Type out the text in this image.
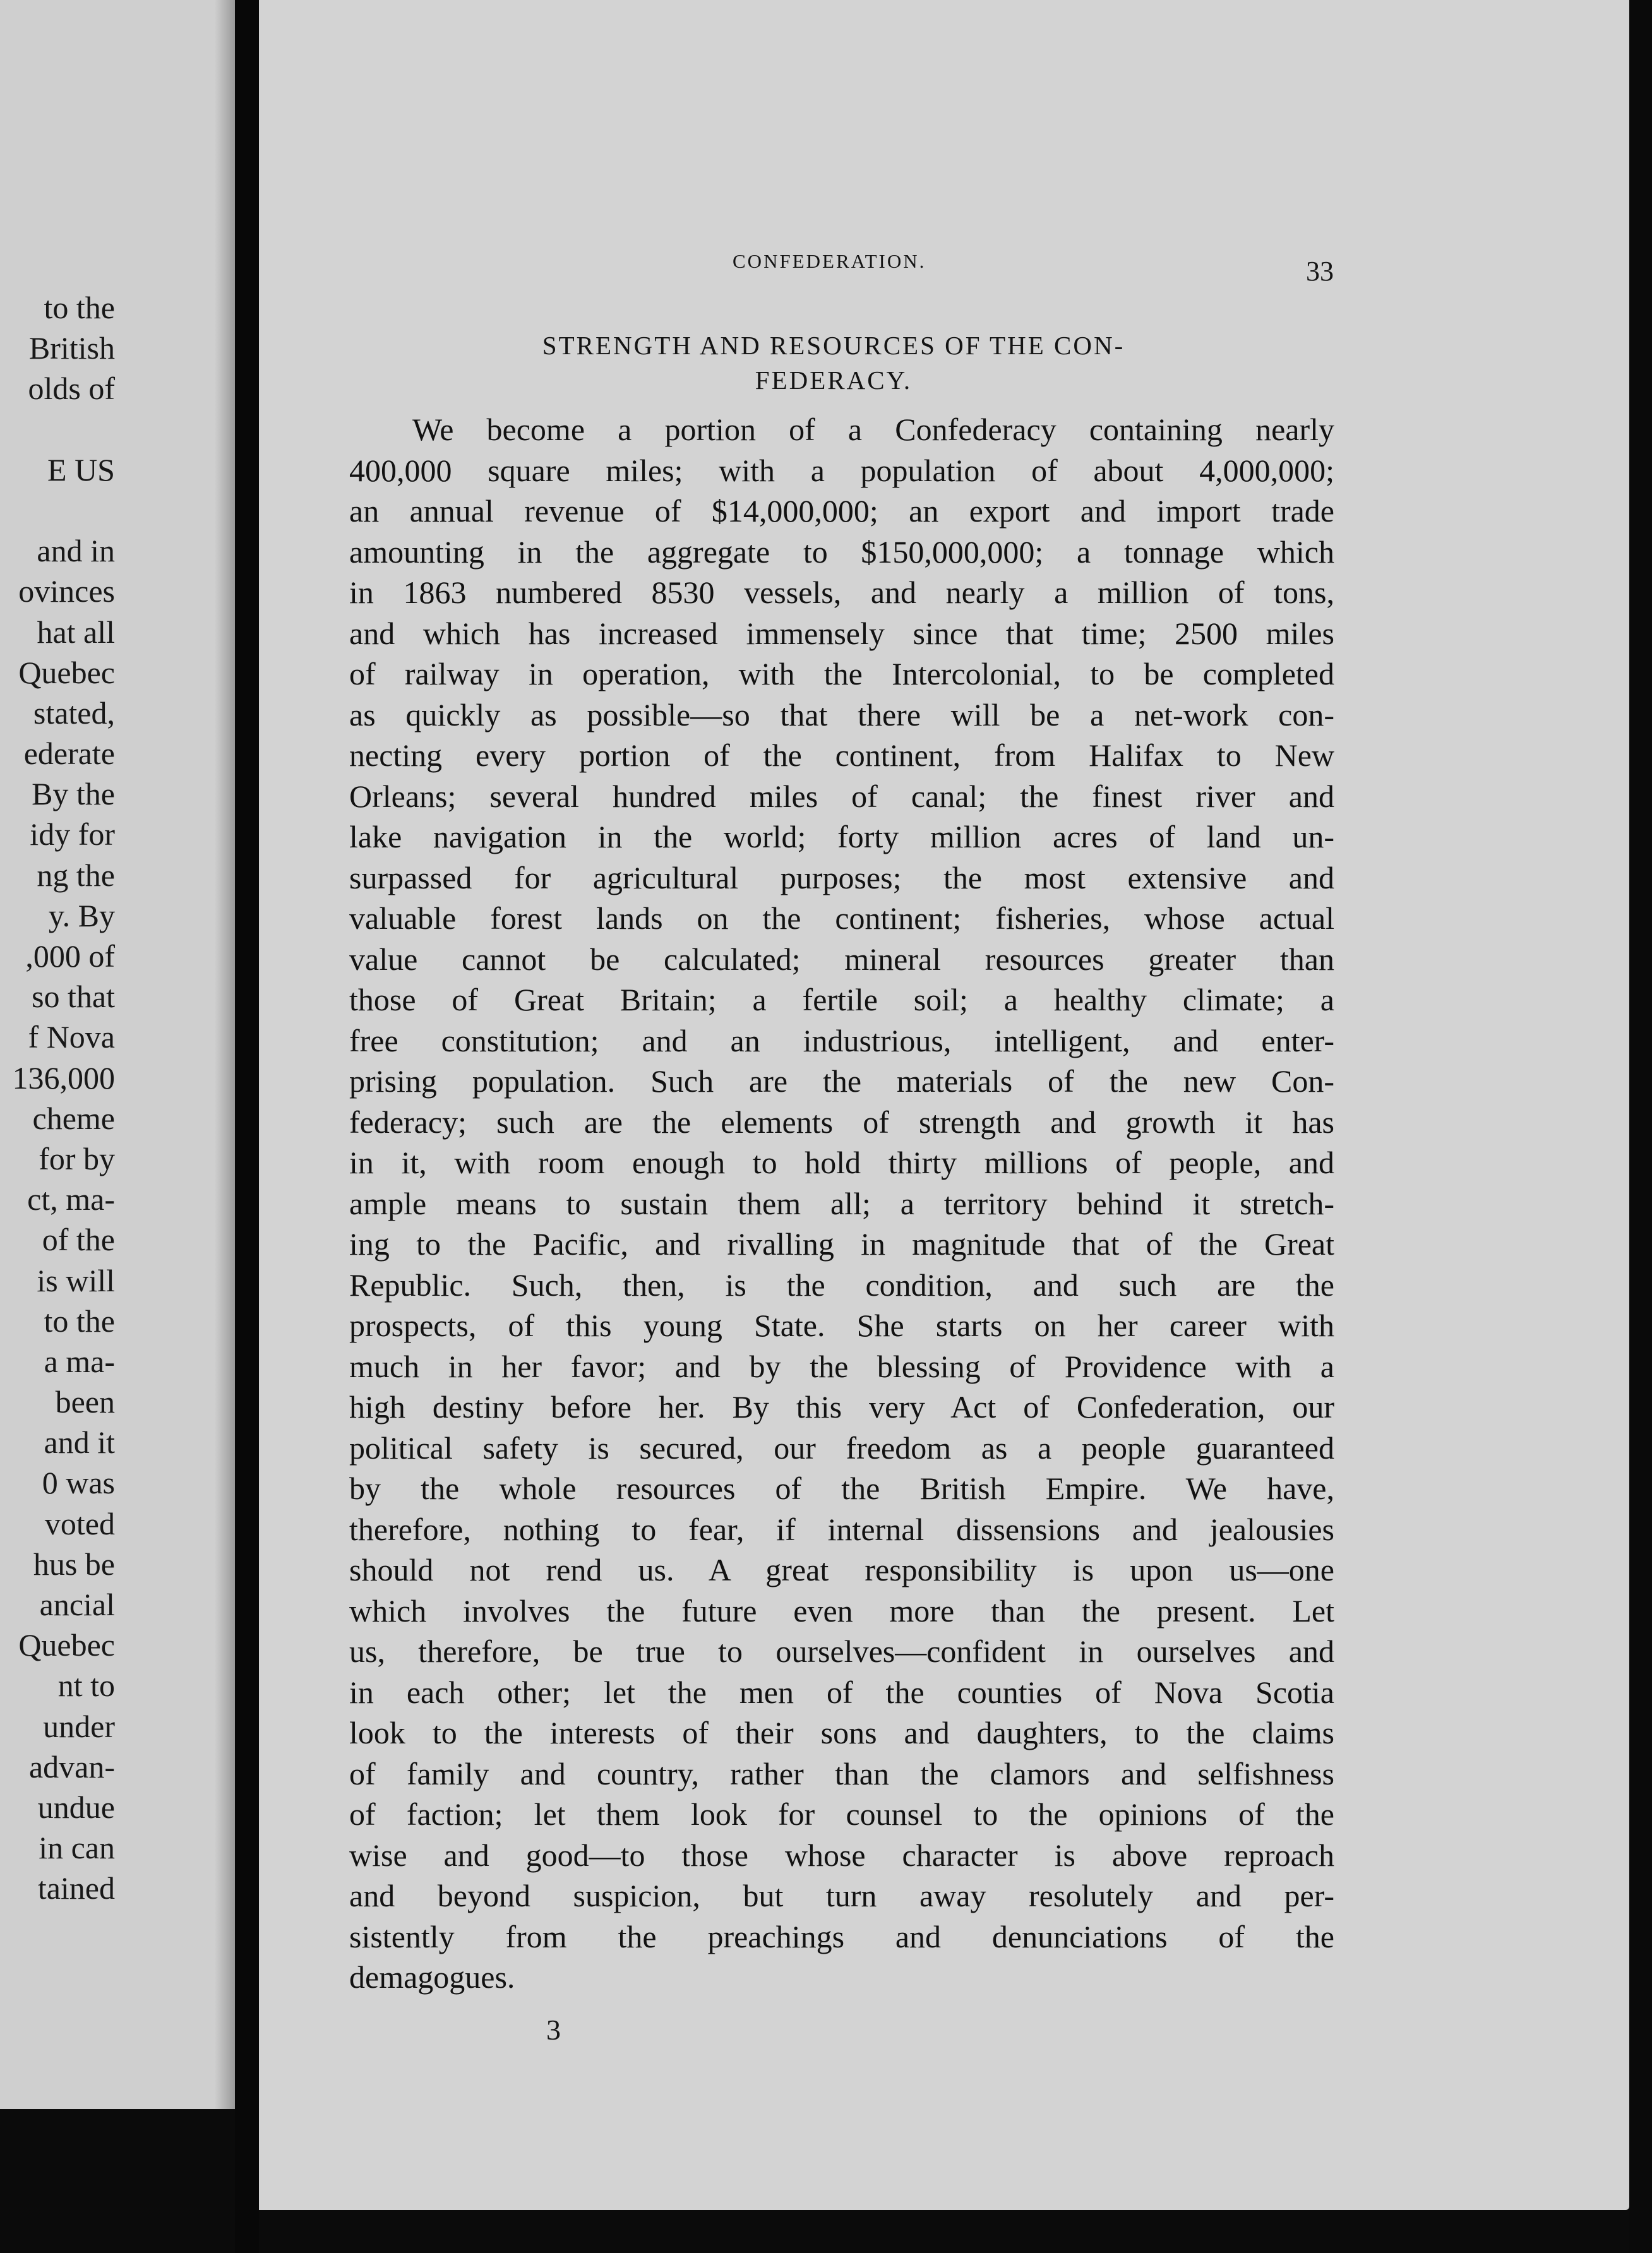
to the
British
olds of
E US
and in
ovinces
hat all
Quebec
stated,
ederate
By the
idy for
ng the
y. By
,000 of
so that
f Nova
136,000
cheme
for by
ct, ma-
of the
is will
to the
a ma-
been
and it
0 was
voted
hus be
ancial
Quebec
nt to
under
advan-
undue
in can
tained
CONFEDERATION.	33
STRENGTH AND RESOURCES OF THE CON-
FEDERACY.
We become a portion of a Confederacy containing nearly
400,000 square miles; with a population of about 4,000,000;
an annual revenue of $14,000,000; an export and import trade
amounting in the aggregate to $150,000,000; a tonnage which
in 1863 numbered 8530 vessels, and nearly a million of tons,
and which has increased immensely since that time; 2500 miles
of railway in operation, with the Intercolonial, to be completed
as quickly as possible—so that there will be a net-work con-
necting every portion of the continent, from Halifax to New
Orleans; several hundred miles of canal; the finest river and
lake navigation in the world; forty million acres of land un-
surpassed for agricultural purposes; the most extensive and
valuable forest lands on the continent; fisheries, whose actual
value cannot be calculated; mineral resources greater than
those of Great Britain; a fertile soil; a healthy climate; a
free constitution; and an industrious, intelligent, and enter-
prising population. Such are the materials of the new Con-
federacy; such are the elements of strength and growth it has
in it, with room enough to hold thirty millions of people, and
ample means to sustain them all; a territory behind it stretch-
ing to the Pacific, and rivalling in magnitude that of the Great
Republic. Such, then, is the condition, and such are the
prospects, of this young State. She starts on her career with
much in her favor; and by the blessing of Providence with a
high destiny before her. By this very Act of Confederation, our
political safety is secured, our freedom as a people guaranteed
by the whole resources of the British Empire. We have,
therefore, nothing to fear, if internal dissensions and jealousies
should not rend us. A great responsibility is upon us—one
which involves the future even more than the present. Let
us, therefore, be true to ourselves—confident in ourselves and
in each other; let the men of the counties of Nova Scotia
look to the interests of their sons and daughters, to the claims
of family and country, rather than the clamors and selfishness
of faction; let them look for counsel to the opinions of the
wise and good—to those whose character is above reproach
and beyond suspicion, but turn away resolutely and per-
sistently from the preachings and denunciations of the
demagogues.
3
